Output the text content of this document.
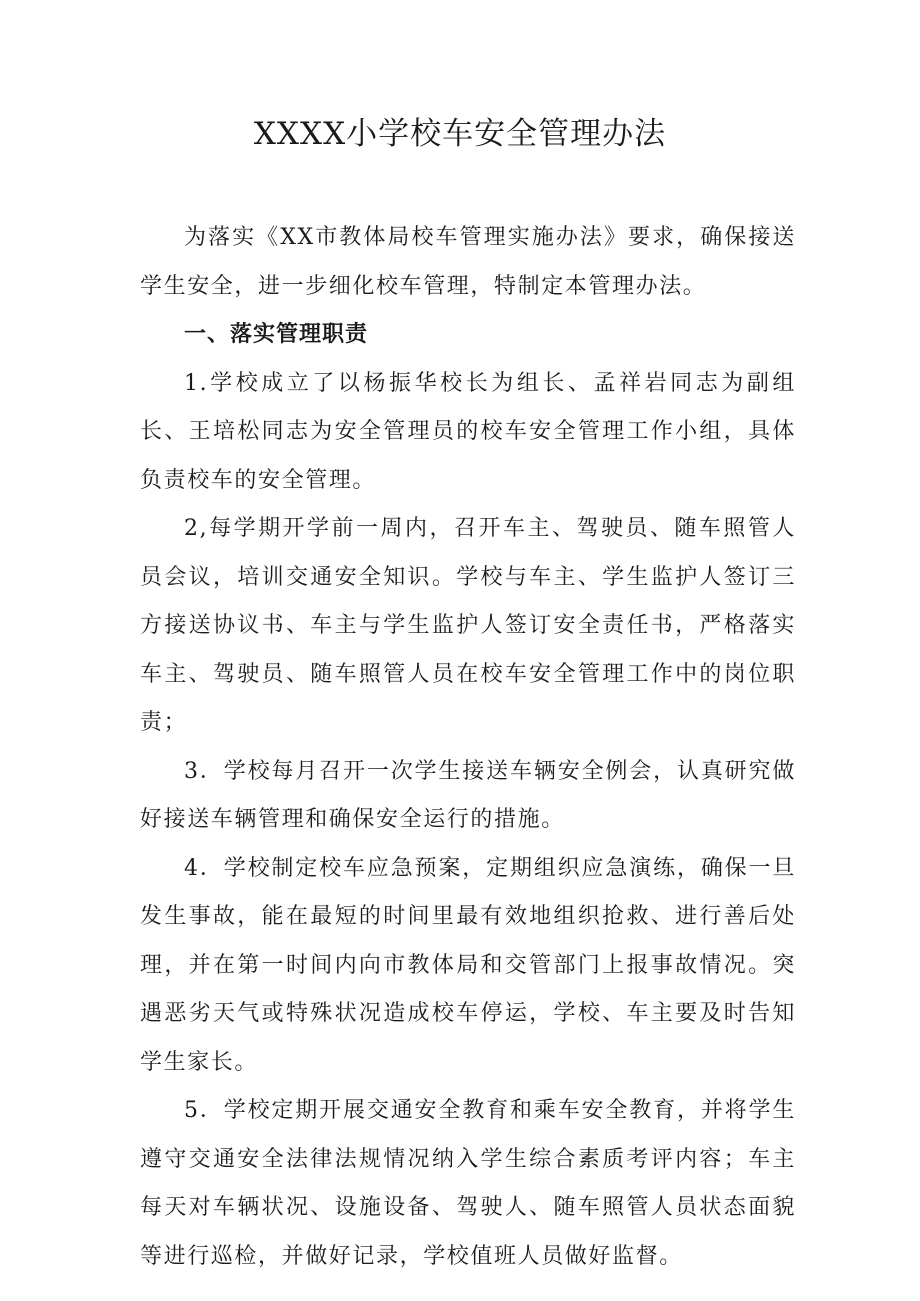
XXXX小学校车安全管理办法

为落实《XX市教体局校车管理实施办法》要求，确保接送学生安全，进一步细化校车管理，特制定本管理办法。

一、落实管理职责

1.学校成立了以杨振华校长为组长、孟祥岩同志为副组长、王培松同志为安全管理员的校车安全管理工作小组，具体负责校车的安全管理。

2,每学期开学前一周内，召开车主、驾驶员、随车照管人员会议，培训交通安全知识。学校与车主、学生监护人签订三方接送协议书、车主与学生监护人签订安全责任书，严格落实车主、驾驶员、随车照管人员在校车安全管理工作中的岗位职责；

3．学校每月召开一次学生接送车辆安全例会，认真研究做好接送车辆管理和确保安全运行的措施。

4．学校制定校车应急预案，定期组织应急演练，确保一旦发生事故，能在最短的时间里最有效地组织抢救、进行善后处理，并在第一时间内向市教体局和交管部门上报事故情况。突遇恶劣天气或特殊状况造成校车停运，学校、车主要及时告知学生家长。

5．学校定期开展交通安全教育和乘车安全教育，并将学生遵守交通安全法律法规情况纳入学生综合素质考评内容；车主每天对车辆状况、设施设备、驾驶人、随车照管人员状态面貌等进行巡检，并做好记录，学校值班人员做好监督。
